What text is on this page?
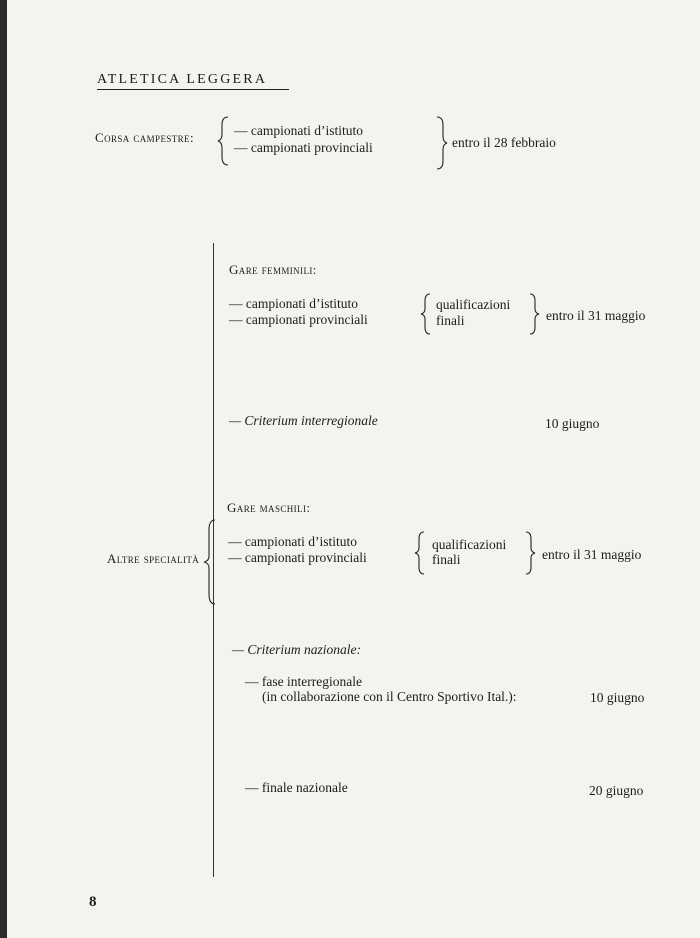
ATLETICA LEGGERA
Corsa campestre:	— campionati d’istituto
— campionati provinciali	entro il 28 febbraio
Altre specialità
Gare femminili:
— campionati d’istituto
— campionati provinciali
qualificazioni
finali	entro il 31 maggio
— Criterium interregionale	10 giugno
Gare maschili:
— campionati d’istituto
— campionati provinciali
qualificazioni
finali	entro il 31 maggio
— Criterium nazionale:
— fase interregionale
(in collaborazione con il Centro Sportivo Ital.):	10 giugno
— finale nazionale	20 giugno
8
